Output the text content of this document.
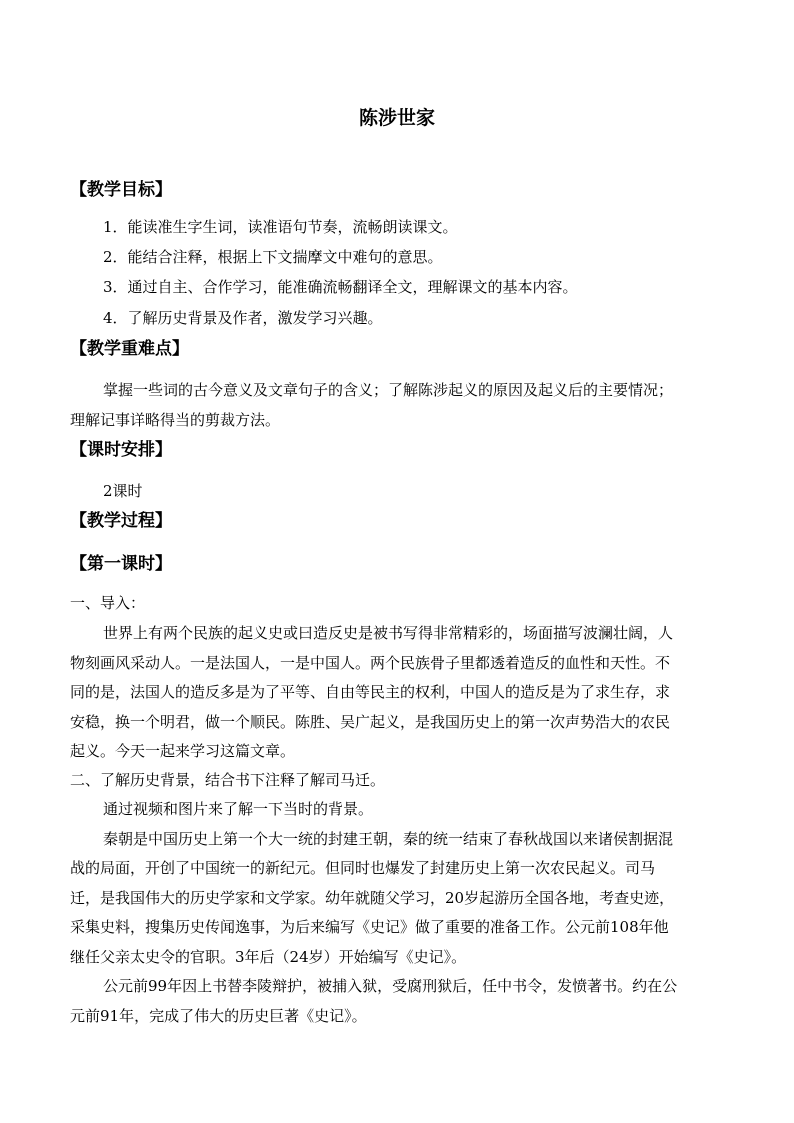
陈涉世家
【教学目标】
1．能读准生字生词，读准语句节奏，流畅朗读课文。
2．能结合注释，根据上下文揣摩文中难句的意思。
3．通过自主、合作学习，能准确流畅翻译全文，理解课文的基本内容。
4．了解历史背景及作者，激发学习兴趣。
【教学重难点】
掌握一些词的古今意义及文章句子的含义；了解陈涉起义的原因及起义后的主要情况；
理解记事详略得当的剪裁方法。
【课时安排】
2课时
【教学过程】
【第一课时】
一、导入：
世界上有两个民族的起义史或曰造反史是被书写得非常精彩的，场面描写波澜壮阔，人
物刻画风采动人。一是法国人，一是中国人。两个民族骨子里都透着造反的血性和天性。不
同的是，法国人的造反多是为了平等、自由等民主的权利，中国人的造反是为了求生存，求
安稳，换一个明君，做一个顺民。陈胜、吴广起义，是我国历史上的第一次声势浩大的农民
起义。今天一起来学习这篇文章。
二、了解历史背景，结合书下注释了解司马迁。
通过视频和图片来了解一下当时的背景。
秦朝是中国历史上第一个大一统的封建王朝，秦的统一结束了春秋战国以来诸侯割据混
战的局面，开创了中国统一的新纪元。但同时也爆发了封建历史上第一次农民起义。司马
迁，是我国伟大的历史学家和文学家。幼年就随父学习，20岁起游历全国各地，考查史迹，
采集史料，搜集历史传闻逸事，为后来编写《史记》做了重要的准备工作。公元前108年他
继任父亲太史令的官职。3年后（24岁）开始编写《史记》。
公元前99年因上书替李陵辩护，被捕入狱，受腐刑狱后，任中书令，发愤著书。约在公
元前91年，完成了伟大的历史巨著《史记》。
